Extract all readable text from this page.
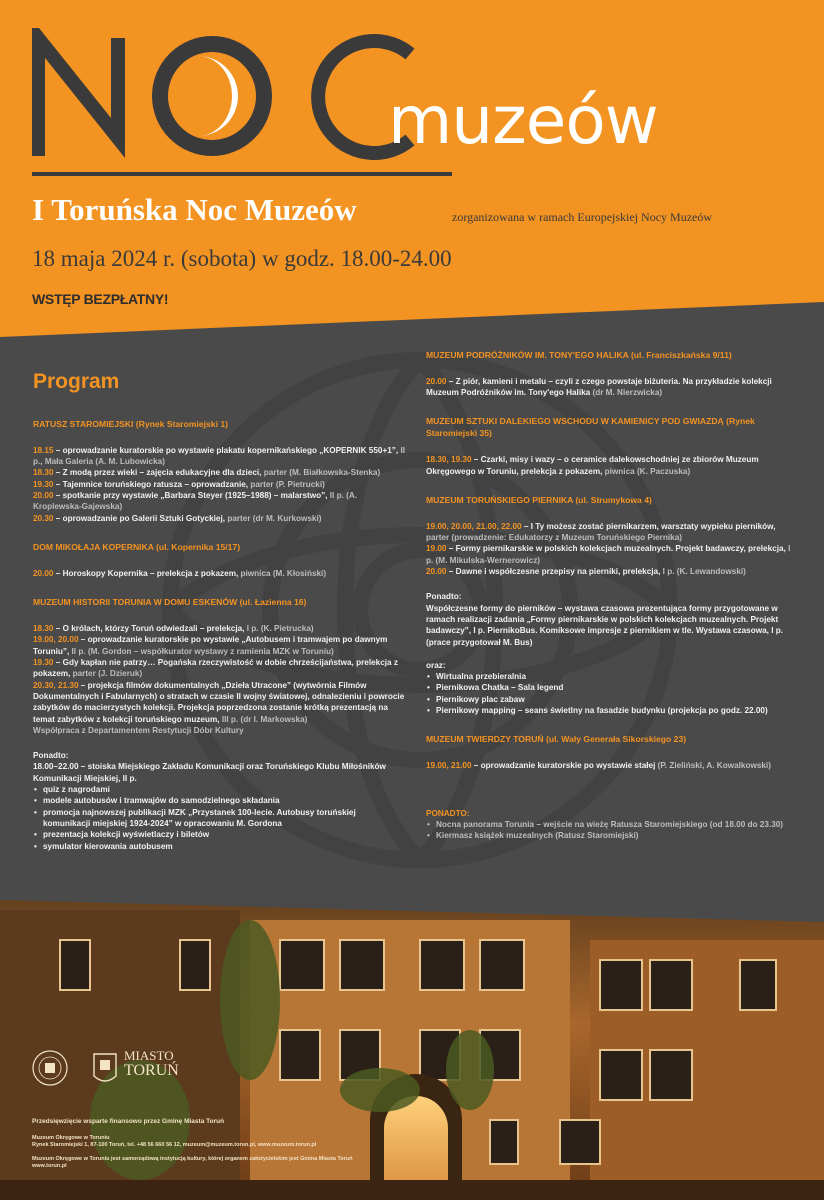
muzeów
I Toruńska Noc Muzeów	zorganizowana w ramach Europejskiej Nocy Muzeów
18 maja 2024 r. (sobota) w godz. 18.00-24.00
WSTĘP BEZPŁATNY!
Program
RATUSZ STAROMIEJSKI (Rynek Staromiejski 1)
18.15 – oprowadzanie kuratorskie po wystawie plakatu kopernikańskiego „KOPERNIK 550+1”, II p., Mała Galeria (A. M. Lubowicka)
18.30 – Z modą przez wieki – zajęcia edukacyjne dla dzieci, parter (M. Białkowska-Stenka)
19.30 – Tajemnice toruńskiego ratusza – oprowadzanie, parter (P. Pietrucki)
20.00 – spotkanie przy wystawie „Barbara Steyer (1925–1988) – malarstwo”, II p. (A. Kroplewska-Gajewska)
20.30 – oprowadzanie po Galerii Sztuki Gotyckiej, parter (dr M. Kurkowski)
DOM MIKOŁAJA KOPERNIKA (ul. Kopernika 15/17)
20.00 – Horoskopy Kopernika – prelekcja z pokazem, piwnica (M. Kłosiński)
MUZEUM HISTORII TORUNIA W DOMU ESKENÓW (ul. Łazienna 16)
18.30 – O królach, którzy Toruń odwiedzali – prelekcja, I p. (K. Pietrucka)
19.00, 20.00 – oprowadzanie kuratorskie po wystawie „Autobusem i tramwajem po dawnym Toruniu”, II p. (M. Gordon – współkurator wystawy z ramienia MZK w Toruniu)
19.30 – Gdy kapłan nie patrzy… Pogańska rzeczywistość w dobie chrześcijaństwa, prelekcja z pokazem, parter (J. Dzieruk)
20.30, 21.30 – projekcja filmów dokumentalnych „Dzieła Utracone” (wytwórnia Filmów Dokumentalnych i Fabularnych) o stratach w czasie II wojny światowej, odnalezieniu i powrocie zabytków do macierzystych kolekcji. Projekcja poprzedzona zostanie krótką prezentacją na temat zabytków z kolekcji toruńskiego muzeum, III p. (dr I. Markowska)
Współpraca z Departamentem Restytucji Dóbr Kultury
Ponadto:
18.00–22.00 – stoiska Miejskiego Zakładu Komunikacji oraz Toruńskiego Klubu Miłośników Komunikacji Miejskiej, II p.
• quiz z nagrodami
• modele autobusów i tramwajów do samodzielnego składania
• promocja najnowszej publikacji MZK „Przystanek 100-lecie. Autobusy toruńskiej komunikacji miejskiej 1924-2024” w opracowaniu M. Gordona
• prezentacja kolekcji wyświetlaczy i biletów
• symulator kierowania autobusem
MUZEUM PODRÓŻNIKÓW IM. TONY'EGO HALIKA (ul. Franciszkańska 9/11)
20.00 – Z piór, kamieni i metalu – czyli z czego powstaje biżuteria. Na przykładzie kolekcji Muzeum Podróżników im. Tony'ego Halika (dr M. Nierzwicka)
MUZEUM SZTUKI DALEKIEGO WSCHODU W KAMIENICY POD GWIAZDĄ (Rynek Staromiejski 35)
18.30, 19.30 – Czarki, misy i wazy – o ceramice dalekowschodniej ze zbiorów Muzeum Okręgowego w Toruniu, prelekcja z pokazem, piwnica (K. Paczuska)
MUZEUM TORUŃSKIEGO PIERNIKA (ul. Strumykowa 4)
19.00, 20.00, 21.00, 22.00 – I Ty możesz zostać piernikarzem, warsztaty wypieku pierników, parter (prowadzenie: Edukatorzy z Muzeum Toruńskiego Piernika)
19.00 – Formy piernikarskie w polskich kolekcjach muzealnych. Projekt badawczy, prelekcja, I p. (M. Mikulska-Wernerowicz)
20.00 – Dawne i współczesne przepisy na pierniki, prelekcja, I p. (K. Lewandowski)
Ponadto:
Współczesne formy do pierników – wystawa czasowa prezentująca formy przygotowane w ramach realizacji zadania „Formy piernikarskie w polskich kolekcjach muzealnych. Projekt badawczy”, I p. PiernikoBus. Komiksowe impresje z piernikiem w tle. Wystawa czasowa, I p. (prace przygotował M. Bus)
oraz:
• Wirtualna przebieralnia
• Piernikowa Chatka – Sala legend
• Piernikowy plac zabaw
• Piernikowy mapping – seans świetlny na fasadzie budynku (projekcja po godz. 22.00)
MUZEUM TWIERDZY TORUŃ (ul. Wały Generała Sikorskiego 23)
19.00, 21.00 – oprowadzanie kuratorskie po wystawie stałej (P. Zieliński, A. Kowalkowski)
PONADTO:
• Nocna panorama Torunia – wejście na wieżę Ratusza Staromiejskiego (od 18.00 do 23.30)
• Kiermasz książek muzealnych (Ratusz Staromiejski)
MIASTO
TORUŃ
Przedsięwzięcie wsparte finansowo przez Gminę Miasta Toruń
Muzeum Okręgowe w Toruniu
Rynek Staromiejski 1, 87-100 Toruń, tel. +48 56 660 56 12, muzeum@muzeum.torun.pl, www.muzeum.torun.pl
Muzeum Okręgowe w Toruniu jest samorządową instytucją kultury, której organem założycielskim jest Gmina Miasta Toruń
www.torun.pl
